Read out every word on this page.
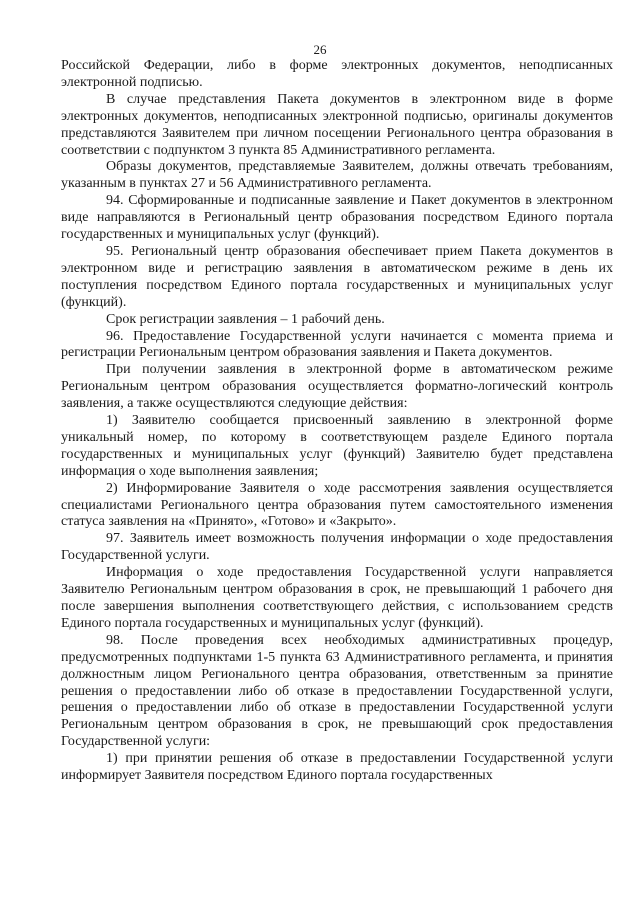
26

Российской Федерации, либо в форме электронных документов, неподписанных электронной подписью.

В случае представления Пакета документов в электронном виде в форме электронных документов, неподписанных электронной подписью, оригиналы документов представляются Заявителем при личном посещении Регионального центра образования в соответствии с подпунктом 3 пункта 85 Административного регламента.

Образы документов, представляемые Заявителем, должны отвечать требованиям, указанным в пунктах 27 и 56 Административного регламента.

94. Сформированные и подписанные заявление и Пакет документов в электронном виде направляются в Региональный центр образования посредством Единого портала государственных и муниципальных услуг (функций).

95. Региональный центр образования обеспечивает прием Пакета документов в электронном виде и регистрацию заявления в автоматическом режиме в день их поступления посредством Единого портала государственных и муниципальных услуг (функций).

Срок регистрации заявления – 1 рабочий день.

96. Предоставление Государственной услуги начинается с момента приема и регистрации Региональным центром образования заявления и Пакета документов.

При получении заявления в электронной форме в автоматическом режиме Региональным центром образования осуществляется форматно-логический контроль заявления, а также осуществляются следующие действия:

1) Заявителю сообщается присвоенный заявлению в электронной форме уникальный номер, по которому в соответствующем разделе Единого портала государственных и муниципальных услуг (функций) Заявителю будет представлена информация о ходе выполнения заявления;

2) Информирование Заявителя о ходе рассмотрения заявления осуществляется специалистами Регионального центра образования путем самостоятельного изменения статуса заявления на «Принято», «Готово» и «Закрыто».

97. Заявитель имеет возможность получения информации о ходе предоставления Государственной услуги.

Информация о ходе предоставления Государственной услуги направляется Заявителю Региональным центром образования в срок, не превышающий 1 рабочего дня после завершения выполнения соответствующего действия, с использованием средств Единого портала государственных и муниципальных услуг (функций).

98. После проведения всех необходимых административных процедур, предусмотренных подпунктами 1-5 пункта 63 Административного регламента, и принятия должностным лицом Регионального центра образования, ответственным за принятие решения о предоставлении либо об отказе в предоставлении Государственной услуги, решения о предоставлении либо об отказе в предоставлении Государственной услуги Региональным центром образования в срок, не превышающий срок предоставления Государственной услуги:

1) при принятии решения об отказе в предоставлении Государственной услуги информирует Заявителя посредством Единого портала государственных
